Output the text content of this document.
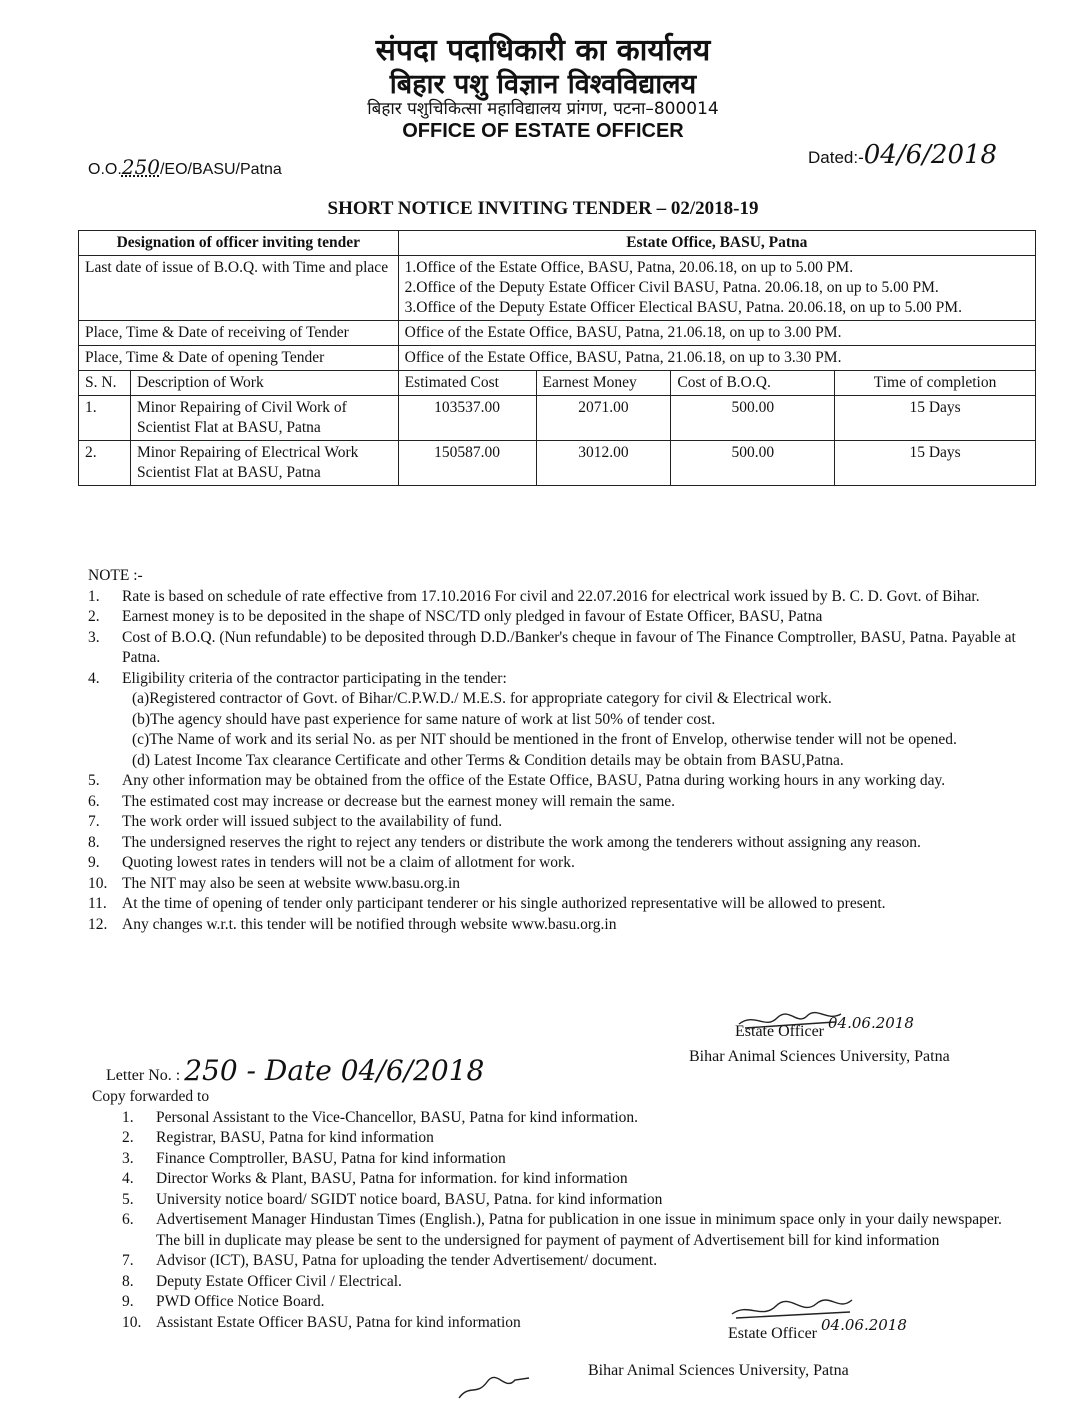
संपदा पदाधिकारी का कार्यालय
बिहार पशु विज्ञान विश्वविद्यालय
बिहार पशुचिकित्सा महाविद्यालय प्रांगण, पटना–800014
OFFICE OF ESTATE OFFICER
O.O.250/EO/BASU/Patna
Dated:-04/6/2018
SHORT NOTICE INVITING TENDER – 02/2018-19
Designation of officer inviting tender		Estate Office, BASU, Patna			
Last date of issue of B.O.Q. with Time and place		1.Office of the Estate Office, BASU, Patna, 20.06.18, on up to 5.00 PM.
2.Office of the Deputy Estate Officer Civil BASU, Patna. 20.06.18, on up to 5.00 PM.
3.Office of the Deputy Estate Officer Electical BASU, Patna. 20.06.18, on up to 5.00 PM.			

Place, Time & Date of receiving of Tender		Office of the Estate Office, BASU, Patna, 21.06.18, on up to 3.00 PM.			
Place, Time & Date of opening Tender		Office of the Estate Office, BASU, Patna, 21.06.18, on up to 3.30 PM.			
S. N.	Description of Work	Estimated Cost	Earnest Money	Cost of B.O.Q.	Time of completion
1.	Minor Repairing of Civil Work of Scientist Flat at BASU, Patna	103537.00	2071.00	500.00	15 Days
2.	Minor Repairing of Electrical Work Scientist Flat at BASU, Patna	150587.00	3012.00	500.00	15 Days
NOTE :-
1.	Rate is based on schedule of rate effective from 17.10.2016 For civil and 22.07.2016 for electrical work issued by B. C. D. Govt. of Bihar.
2.	Earnest money is to be deposited in the shape of NSC/TD only pledged in favour of Estate Officer, BASU, Patna
3.	Cost of B.O.Q. (Nun refundable) to be deposited through D.D./Banker's cheque in favour of The Finance Comptroller, BASU, Patna. Payable at Patna.
4.	Eligibility criteria of the contractor participating in the tender:
(a)Registered contractor of Govt. of Bihar/C.P.W.D./ M.E.S. for appropriate category for civil & Electrical work.
(b)The agency should have past experience for same nature of work at list 50% of tender cost.
(c)The Name of work and its serial No. as per NIT should be mentioned in the front of Envelop, otherwise tender will not be opened.
(d) Latest Income Tax clearance Certificate and other Terms & Condition details may be obtain from BASU,Patna.
5.	Any other information may be obtained from the office of the Estate Office, BASU, Patna during working hours in any working day.
6.	The estimated cost may increase or decrease but the earnest money will remain the same.
7.	The work order will issued subject to the availability of fund.
8.	The undersigned reserves the right to reject any tenders or distribute the work among the tenderers without assigning any reason.
9.	Quoting lowest rates in tenders will not be a claim of allotment for work.
10. The NIT may also be seen at website www.basu.org.in
11. At the time of opening of tender only participant tenderer or his single authorized representative will be allowed to present.
12. Any changes w.r.t. this tender will be notified through website www.basu.org.in
Estate Officer 04.06.2018
Bihar Animal Sciences University, Patna
Letter No. : 250 - Date 04/6/2018
Copy forwarded to
1.	Personal Assistant to the Vice-Chancellor, BASU, Patna for kind information.
2.	Registrar, BASU, Patna for kind information
3.	Finance Comptroller, BASU, Patna for kind information
4.	Director Works & Plant, BASU, Patna for information. for kind information
5.	University notice board/ SGIDT notice board, BASU, Patna. for kind information
6.	Advertisement Manager Hindustan Times (English.), Patna for publication in one issue in minimum space only in your daily newspaper. The bill in duplicate may please be sent to the undersigned for payment of payment of Advertisement bill for kind information
7.	Advisor (ICT), BASU, Patna for uploading the tender Advertisement/ document.
8.	Deputy Estate Officer Civil / Electrical.
9.	PWD Office Notice Board.
10. Assistant Estate Officer BASU, Patna for kind information
Estate Officer 04.06.2018
Bihar Animal Sciences University, Patna
